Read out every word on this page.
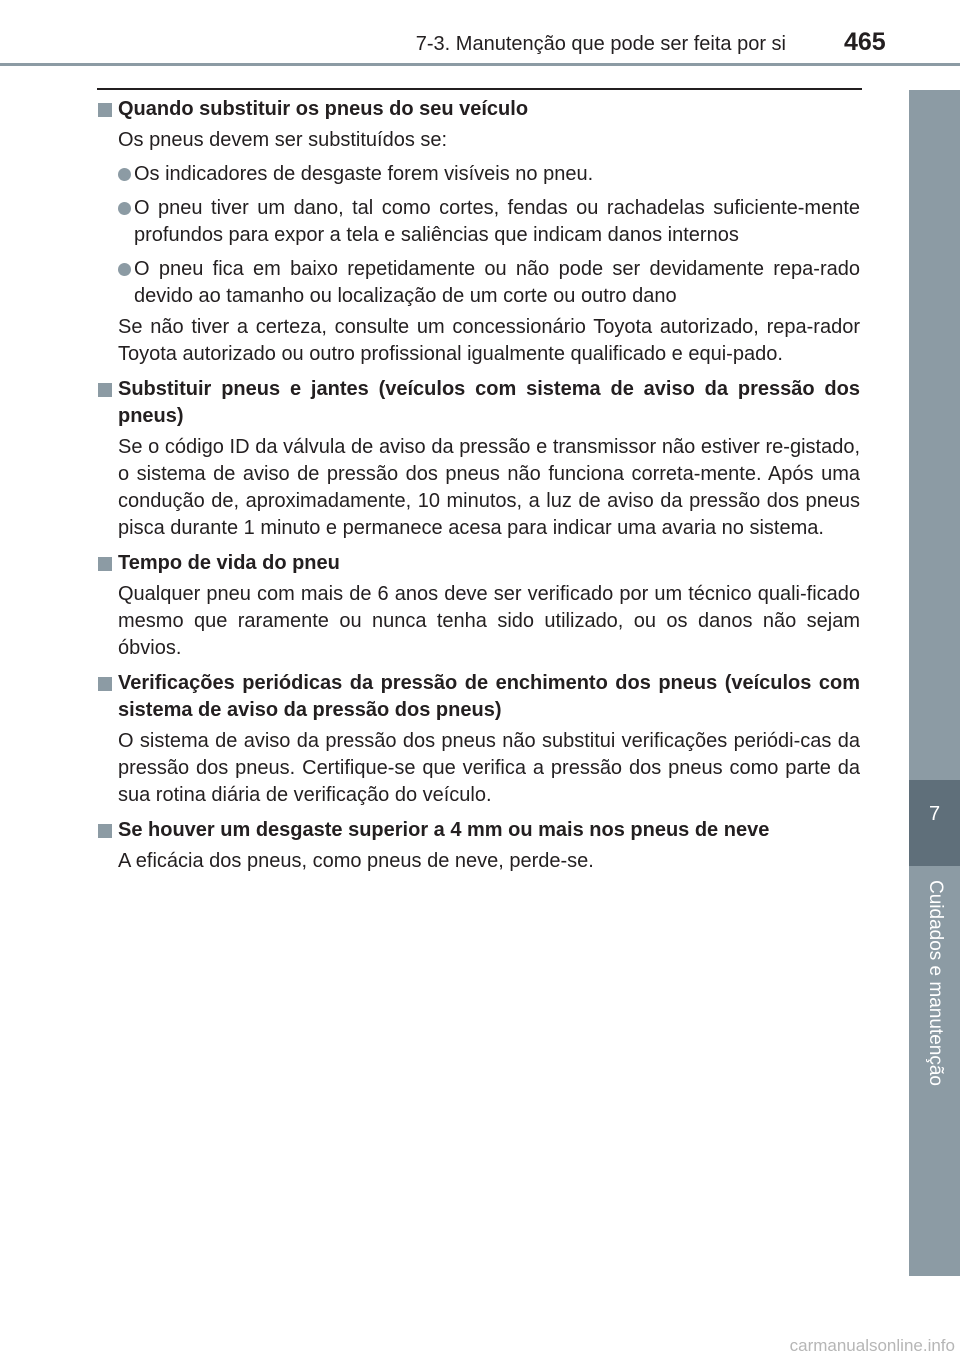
7-3. Manutenção que pode ser feita por si 465
7
Cuidados e manutenção
Quando substituir os pneus do seu veículo
Os pneus devem ser substituídos se:
Os indicadores de desgaste forem visíveis no pneu.
O pneu tiver um dano, tal como cortes, fendas ou rachadelas suficiente-mente profundos para expor a tela e saliências que indicam danos internos
O pneu fica em baixo repetidamente ou não pode ser devidamente repa-rado devido ao tamanho ou localização de um corte ou outro dano
Se não tiver a certeza, consulte um concessionário Toyota autorizado, repa-rador Toyota autorizado ou outro profissional igualmente qualificado e equi-pado.
Substituir pneus e jantes (veículos com sistema de aviso da pressão dos pneus)
Se o código ID da válvula de aviso da pressão e transmissor não estiver re-gistado, o sistema de aviso de pressão dos pneus não funciona correta-mente. Após uma condução de, aproximadamente, 10 minutos, a luz de aviso da pressão dos pneus pisca durante 1 minuto e permanece acesa para indicar uma avaria no sistema.
Tempo de vida do pneu
Qualquer pneu com mais de 6 anos deve ser verificado por um técnico quali-ficado mesmo que raramente ou nunca tenha sido utilizado, ou os danos não sejam óbvios.
Verificações periódicas da pressão de enchimento dos pneus (veículos com sistema de aviso da pressão dos pneus)
O sistema de aviso da pressão dos pneus não substitui verificações periódi-cas da pressão dos pneus. Certifique-se que verifica a pressão dos pneus como parte da sua rotina diária de verificação do veículo.
Se houver um desgaste superior a 4 mm ou mais nos pneus de neve
A eficácia dos pneus, como pneus de neve, perde-se.
carmanualsonline.info
